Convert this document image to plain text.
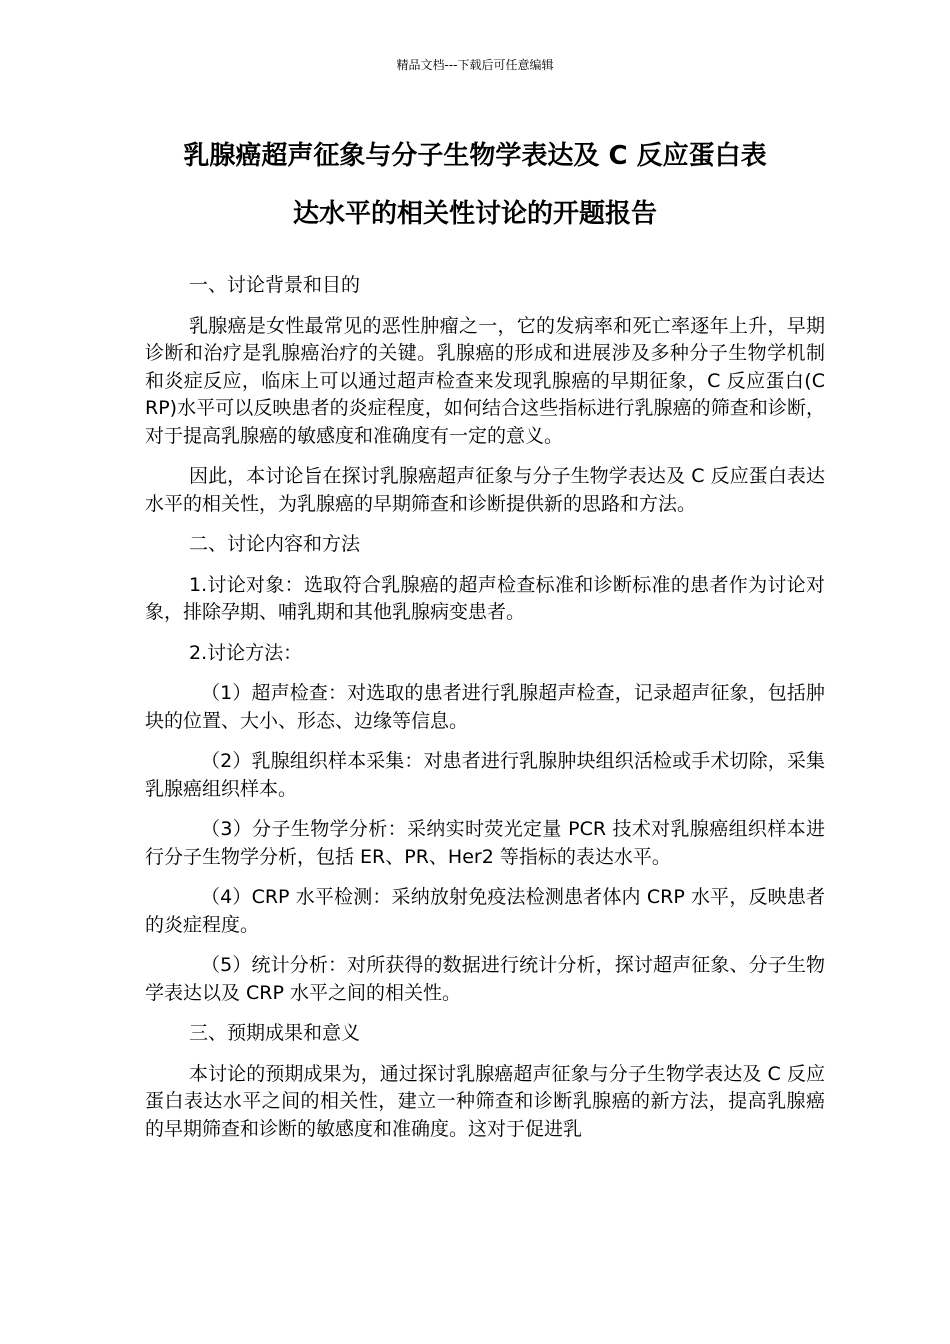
精品文档---下载后可任意编辑
乳腺癌超声征象与分子生物学表达及 C 反应蛋白表
达水平的相关性讨论的开题报告

一、讨论背景和目的

乳腺癌是女性最常见的恶性肿瘤之一，它的发病率和死亡率逐年上升，早期诊断和治疗是乳腺癌治疗的关键。乳腺癌的形成和进展涉及多种分子生物学机制和炎症反应，临床上可以通过超声检查来发现乳腺癌的早期征象，C 反应蛋白(CRP)水平可以反映患者的炎症程度，如何结合这些指标进行乳腺癌的筛查和诊断，对于提高乳腺癌的敏感度和准确度有一定的意义。

因此，本讨论旨在探讨乳腺癌超声征象与分子生物学表达及 C 反应蛋白表达水平的相关性，为乳腺癌的早期筛查和诊断提供新的思路和方法。

二、讨论内容和方法

1.讨论对象：选取符合乳腺癌的超声检查标准和诊断标准的患者作为讨论对象，排除孕期、哺乳期和其他乳腺病变患者。

2.讨论方法：

（1）超声检查：对选取的患者进行乳腺超声检查，记录超声征象，包括肿块的位置、大小、形态、边缘等信息。

（2）乳腺组织样本采集：对患者进行乳腺肿块组织活检或手术切除，采集乳腺癌组织样本。

（3）分子生物学分析：采纳实时荧光定量 PCR 技术对乳腺癌组织样本进行分子生物学分析，包括 ER、PR、Her2 等指标的表达水平。

（4）CRP 水平检测：采纳放射免疫法检测患者体内 CRP 水平，反映患者的炎症程度。

（5）统计分析：对所获得的数据进行统计分析，探讨超声征象、分子生物学表达以及 CRP 水平之间的相关性。

三、预期成果和意义

本讨论的预期成果为，通过探讨乳腺癌超声征象与分子生物学表达及 C 反应蛋白表达水平之间的相关性，建立一种筛查和诊断乳腺癌的新方法，提高乳腺癌的早期筛查和诊断的敏感度和准确度。这对于促进乳
